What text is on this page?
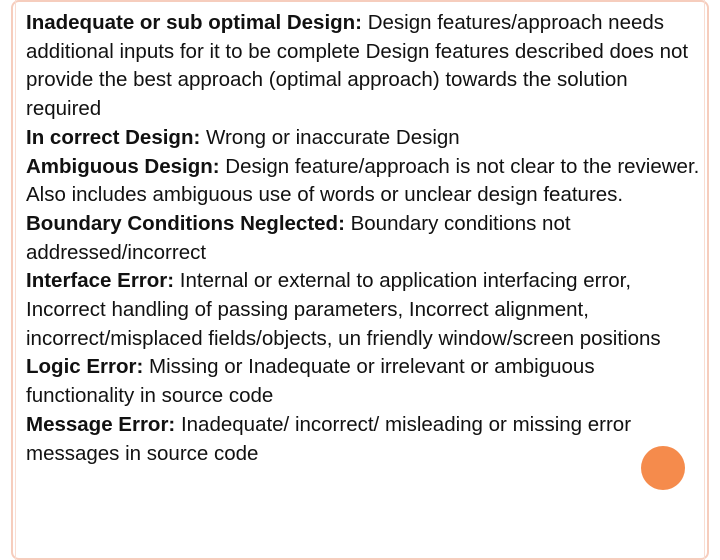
Inadequate or sub optimal Design: Design features/approach needs additional inputs for it to be complete Design features described does not provide the best approach (optimal approach) towards the solution required

In correct Design: Wrong or inaccurate Design

Ambiguous Design: Design feature/approach is not clear to the reviewer. Also includes ambiguous use of words or unclear design features.

Boundary Conditions Neglected: Boundary conditions not addressed/incorrect

Interface Error: Internal or external to application interfacing error, Incorrect handling of passing parameters, Incorrect alignment, incorrect/misplaced fields/objects, un friendly window/screen positions

Logic Error: Missing or Inadequate or irrelevant or ambiguous functionality in source code

Message Error: Inadequate/ incorrect/ misleading or missing error messages in source code
